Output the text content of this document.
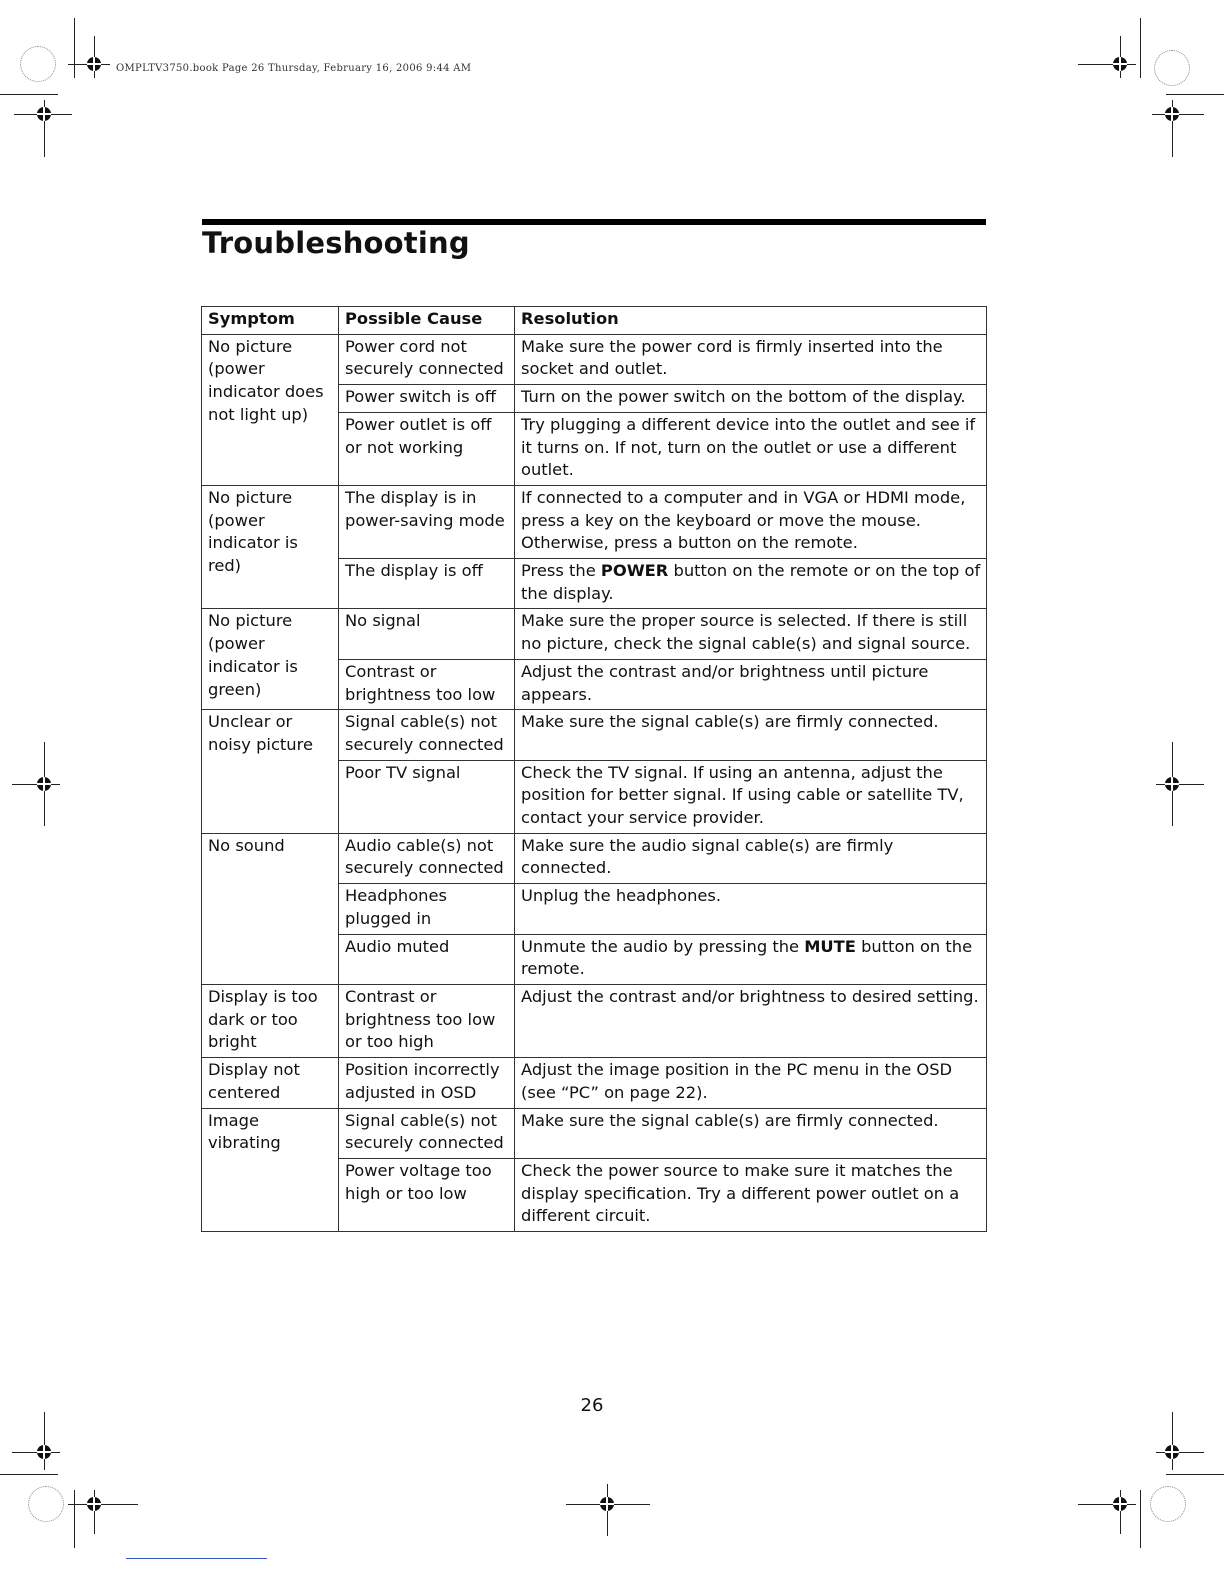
OMPLTV3750.book Page 26 Thursday, February 16, 2006 9:44 AM
Troubleshooting
Symptom	Possible Cause	Resolution
No picture (power indicator does not light up)	Power cord not securely connected	Make sure the power cord is firmly inserted into the socket and outlet.
	Power switch is off	Turn on the power switch on the bottom of the display.
	Power outlet is off or not working	Try plugging a different device into the outlet and see if it turns on. If not, turn on the outlet or use a different outlet.
No picture (power indicator is red)	The display is in power-saving mode	If connected to a computer and in VGA or HDMI mode, press a key on the keyboard or move the mouse. Otherwise, press a button on the remote.
	The display is off	Press the POWER button on the remote or on the top of the display.
No picture (power indicator is green)	No signal	Make sure the proper source is selected. If there is still no picture, check the signal cable(s) and signal source.
	Contrast or brightness too low	Adjust the contrast and/or brightness until picture appears.
Unclear or noisy picture	Signal cable(s) not securely connected	Make sure the signal cable(s) are firmly connected.
	Poor TV signal	Check the TV signal. If using an antenna, adjust the position for better signal. If using cable or satellite TV, contact your service provider.
No sound	Audio cable(s) not securely connected	Make sure the audio signal cable(s) are firmly connected.
	Headphones plugged in	Unplug the headphones.
	Audio muted	Unmute the audio by pressing the MUTE button on the remote.
Display is too dark or too bright	Contrast or brightness too low or too high	Adjust the contrast and/or brightness to desired setting.
Display not centered	Position incorrectly adjusted in OSD	Adjust the image position in the PC menu in the OSD (see “PC” on page 22).
Image vibrating	Signal cable(s) not securely connected	Make sure the signal cable(s) are firmly connected.
	Power voltage too high or too low	Check the power source to make sure it matches the display specification. Try a different power outlet on a different circuit.
26
